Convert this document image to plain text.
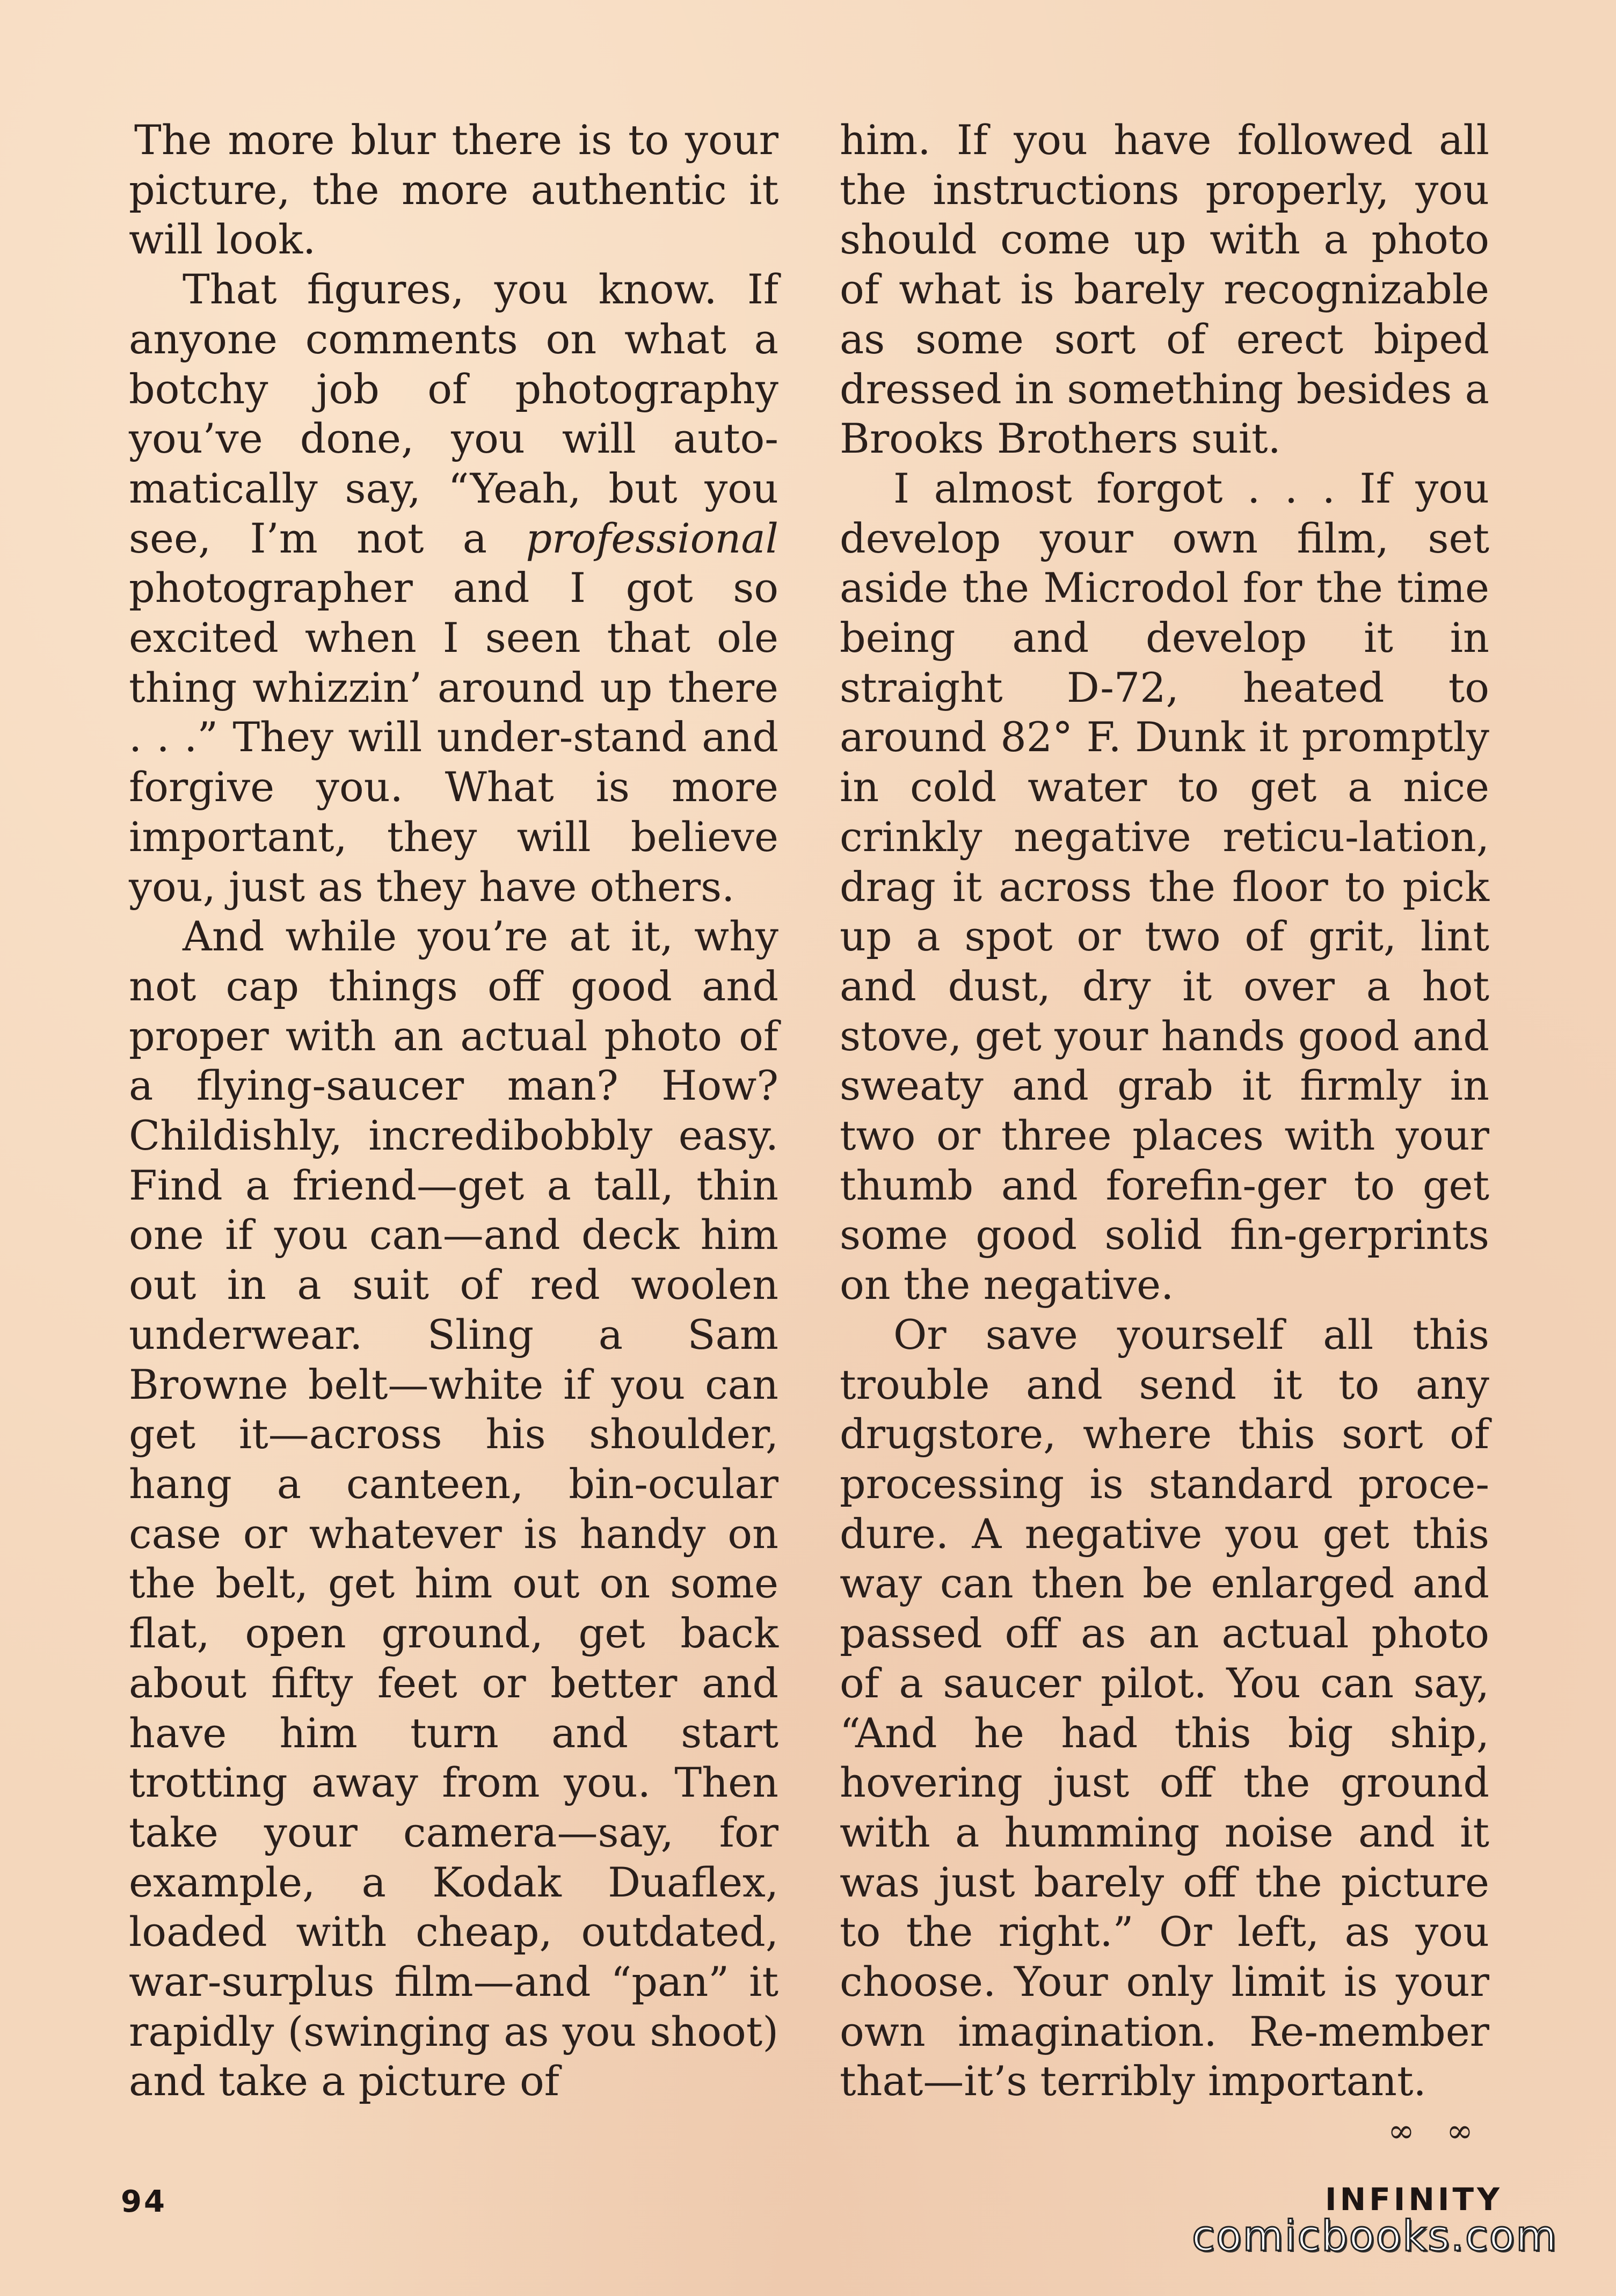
The more blur there is to your picture, the more authentic it will look.

That figures, you know. If anyone comments on what a botchy job of photography you’ve done, you will auto-matically say, “Yeah, but you see, I’m not a professional photographer and I got so excited when I seen that ole thing whizzin’ around up there . . .” They will under-stand and forgive you. What is more important, they will believe you, just as they have others.

And while you’re at it, why not cap things off good and proper with an actual photo of a flying-saucer man? How? Childishly, incredibobbly easy. Find a friend—get a tall, thin one if you can—and deck him out in a suit of red woolen underwear. Sling a Sam Browne belt—white if you can get it—across his shoulder, hang a canteen, bin-ocular case or whatever is handy on the belt, get him out on some flat, open ground, get back about fifty feet or better and have him turn and start trotting away from you. Then take your camera—say, for example, a Kodak Duaflex, loaded with cheap, outdated, war-surplus film—and “pan” it rapidly (swinging as you shoot) and take a picture of

him. If you have followed all the instructions properly, you should come up with a photo of what is barely recognizable as some sort of erect biped dressed in something besides a Brooks Brothers suit.

I almost forgot . . . If you develop your own film, set aside the Microdol for the time being and develop it in straight D-72, heated to around 82° F. Dunk it promptly in cold water to get a nice crinkly negative reticu-lation, drag it across the floor to pick up a spot or two of grit, lint and dust, dry it over a hot stove, get your hands good and sweaty and grab it firmly in two or three places with your thumb and forefin-ger to get some good solid fin-gerprints on the negative.

Or save yourself all this trouble and send it to any drugstore, where this sort of processing is standard proce-dure. A negative you get this way can then be enlarged and passed off as an actual photo of a saucer pilot. You can say, “And he had this big ship, hovering just off the ground with a humming noise and it was just barely off the picture to the right.” Or left, as you choose. Your only limit is your own imagination. Re-member that—it’s terribly important.
∞ ∞

94	INFINITY
comicbooks.com
